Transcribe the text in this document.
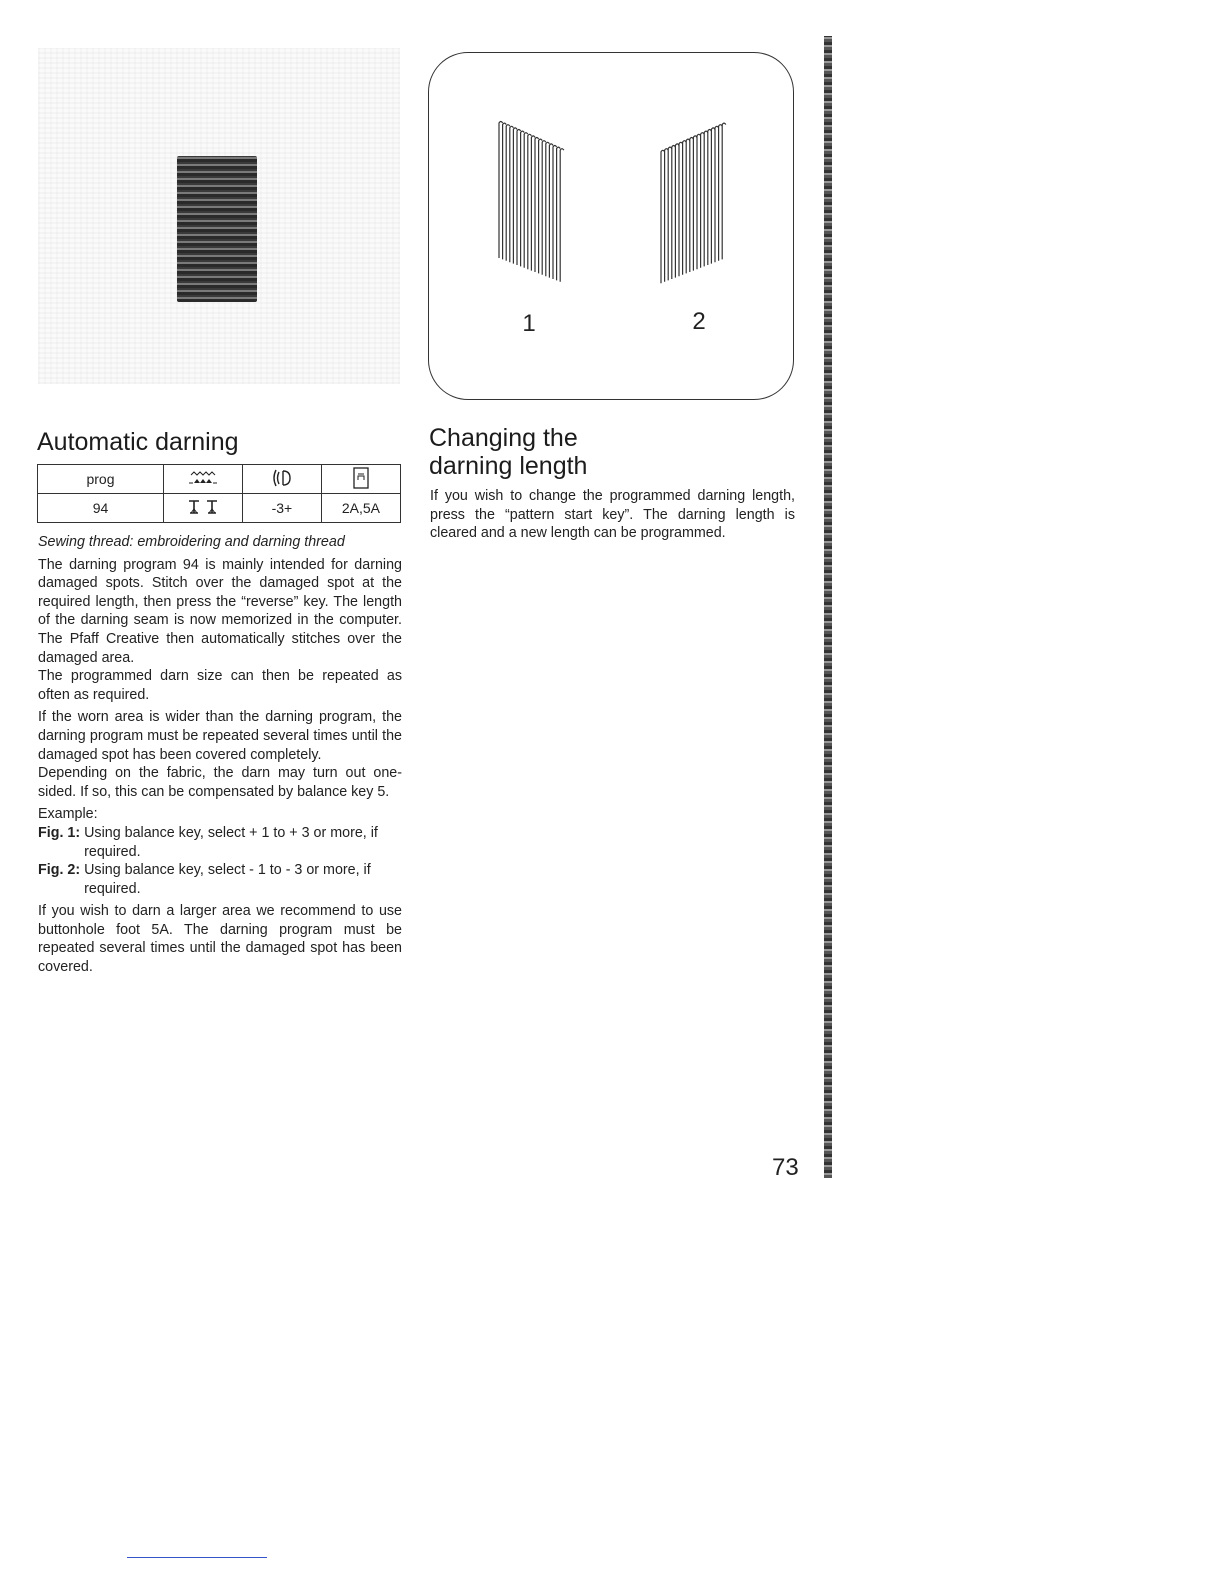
1	2
Automatic darning
prog			
94		-3+	2A,5A

Sewing thread: embroidering and darning thread

The darning program 94 is mainly intended for darning damaged spots. Stitch over the damaged spot at the required length, then press the “reverse” key. The length of the darning seam is now memorized in the computer. The Pfaff Creative then automatically stitches over the damaged area.

The programmed darn size can then be repeated as often as required.

If the worn area is wider than the darning program, the darning program must be repeated several times until the damaged spot has been covered completely.

Depending on the fabric, the darn may turn out one-sided. If so, this can be compensated by balance key 5.

Example:

Fig. 1: Using balance key, select + 1 to + 3 or more, if required.
Fig. 2: Using balance key, select - 1 to - 3 or more, if required.

If you wish to darn a larger area we recommend to use buttonhole foot 5A. The darning program must be repeated several times until the damaged spot has been covered.

Changing the
darning length

If you wish to change the programmed darning length, press the “pattern start key”. The darning length is cleared and a new length can be programmed.

73
